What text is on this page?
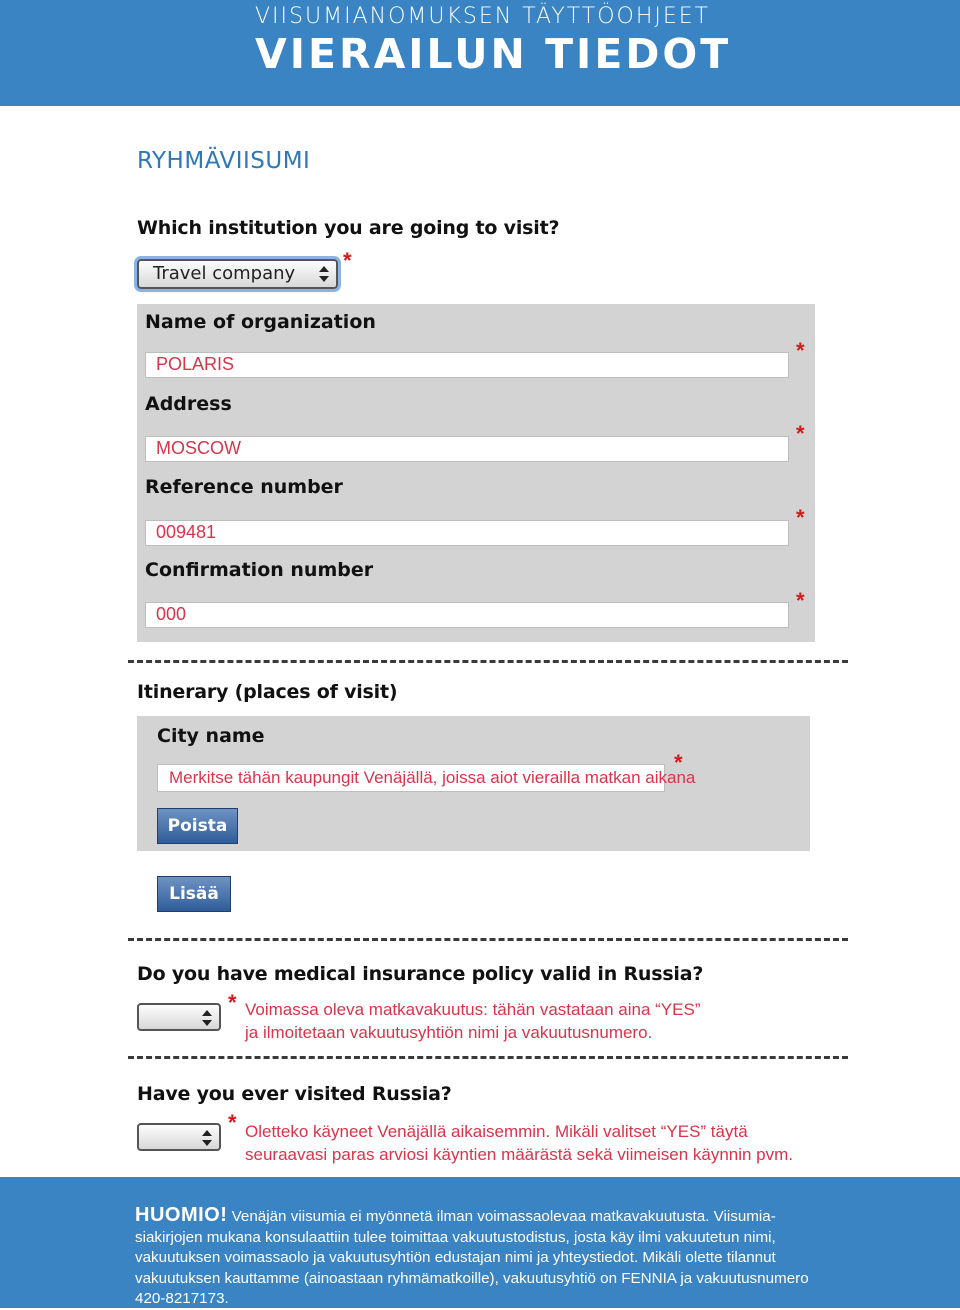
VIISUMIANOMUKSEN TÄYTTÖOHJEET
VIERAILUN TIEDOT
RYHMÄVIISUMI
Which institution you are going to visit?
Travel company
*
Name of organization
POLARIS
*
Address
MOSCOW
*
Reference number
009481
*
Confirmation number
000
*
Itinerary (places of visit)
City name
Merkitse tähän kaupungit Venäjällä, joissa aiot vierailla matkan aikana
*
Poista
Lisää
Do you have medical insurance policy valid in Russia?
* Voimassa oleva matkavakuutus: tähän vastataan aina “YES”
ja ilmoitetaan vakuutusyhtiön nimi ja vakuutusnumero.
Have you ever visited Russia?
* Oletteko käyneet Venäjällä aikaisemmin. Mikäli valitset “YES” täytä
seuraavasi paras arviosi käyntien määrästä sekä viimeisen käynnin pvm.
HUOMIO! Venäjän viisumia ei myönnetä ilman voimassaolevaa matkavakuutusta. Viisumiasiakirjojen mukana konsulaattiin tulee toimittaa vakuutustodistus, josta käy ilmi vakuutetun nimi, vakuutuksen voimassaolo ja vakuutusyhtiön edustajan nimi ja yhteystiedot. Mikäli olette tilannut vakuutuksen kauttamme (ainoastaan ryhmämatkoille), vakuutusyhtiö on FENNIA ja vakuutusnumero 420-8217173.
